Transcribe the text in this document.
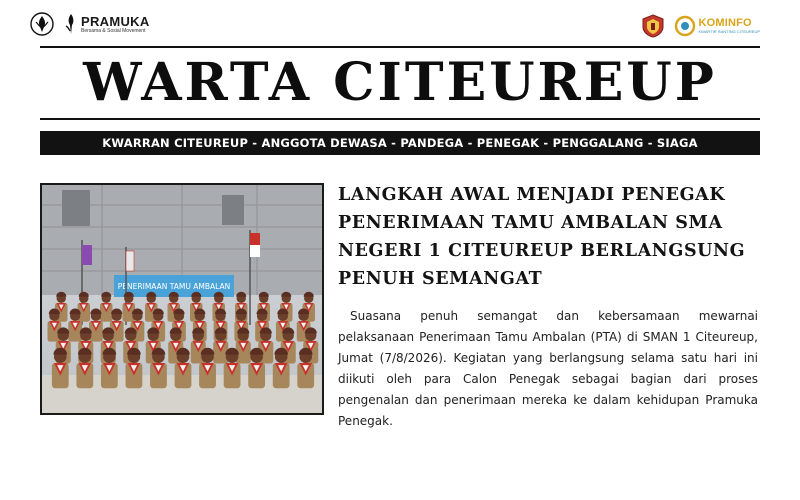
PRAMUKA
Bersama & Sosial Movement
KOMINFO
KWARTIR RANTING CITEUREUP
WARTA CITEUREUP
KWARRAN CITEUREUP - ANGGOTA DEWASA - PANDEGA - PENEGAK - PENGGALANG - SIAGA
PENERIMAAN TAMU AMBALAN
LANGKAH AWAL MENJADI PENEGAK
PENERIMAAN TAMU AMBALAN SMA
NEGERI 1 CITEUREUP BERLANGSUNG
PENUH SEMANGAT

Suasana penuh semangat dan kebersamaan mewarnai pelaksanaan Penerimaan Tamu Ambalan (PTA) di SMAN 1 Citeureup, Jumat (7/8/2026). Kegiatan yang berlangsung selama satu hari ini diikuti oleh para Calon Penegak sebagai bagian dari proses pengenalan dan penerimaan mereka ke dalam kehidupan Pramuka Penegak.
